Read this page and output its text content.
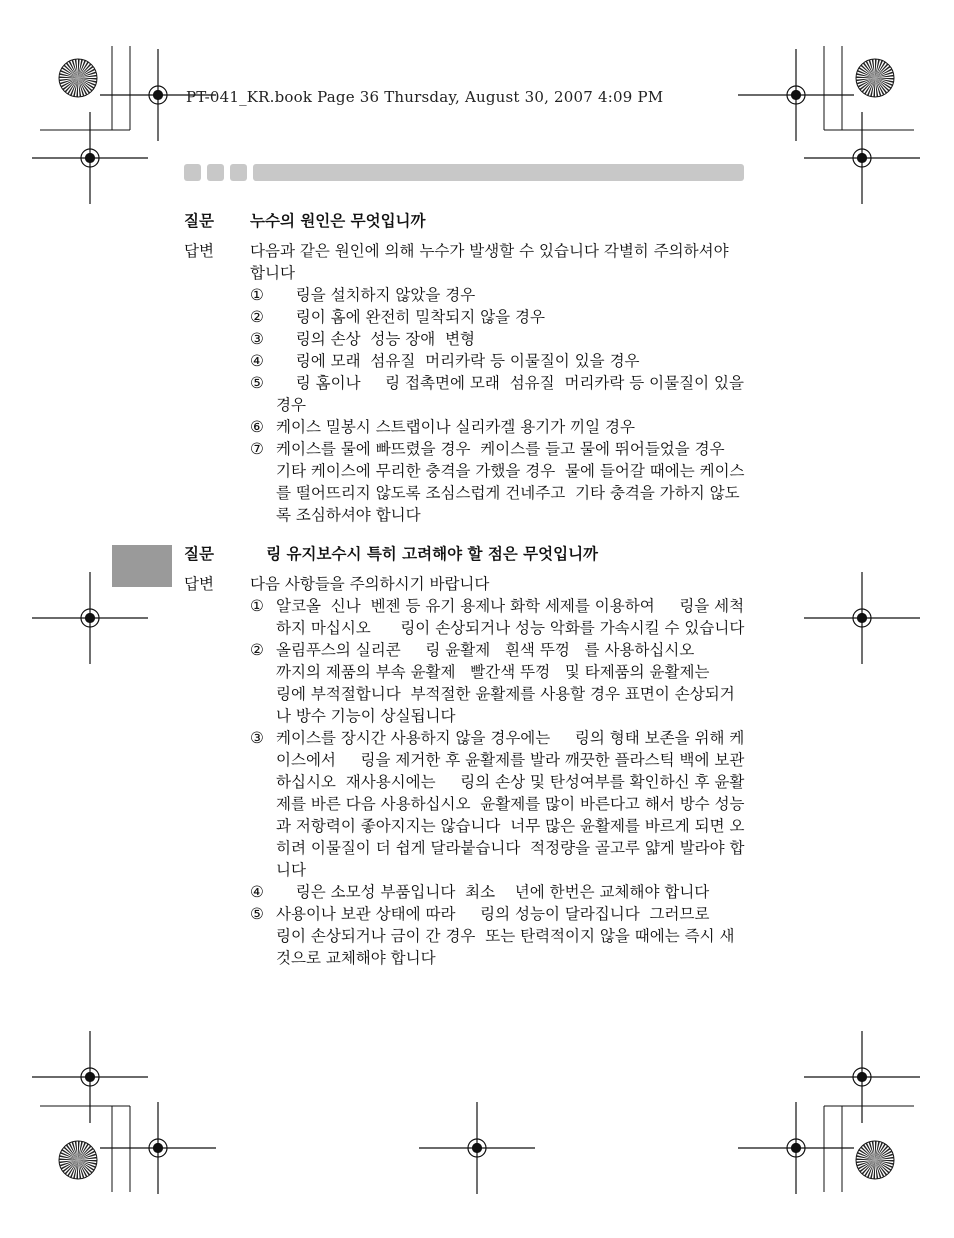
PT-041_KR.book Page 36 Thursday, August 30, 2007 4:09 PM
질문	누수의 원인은 무엇입니까
답변	다음과 같은 원인에 의해 누수가 발생할 수 있습니다 각별히 주의하셔야 합니다
① 링을 설치하지 않았을 경우
② 링이 홈에 완전히 밀착되지 않을 경우
③ 링의 손상  성능 장애  변형
④ 링에 모래  섬유질  머리카락 등 이물질이 있을 경우
⑤ 링 홈이나     링 접촉면에 모래  섬유질  머리카락 등 이물질이 있을 경우
⑥ 케이스 밀봉시 스트랩이나 실리카겔 용기가 끼일 경우
⑦ 케이스를 물에 빠뜨렸을 경우  케이스를 들고 물에 뛰어들었을 경우  기타 케이스에 무리한 충격을 가했을 경우  물에 들어갈 때에는 케이스를 떨어뜨리지 않도록 조심스럽게 건네주고  기타 충격을 가하지 않도록 조심하셔야 합니다
질문	링 유지보수시 특히 고려해야 할 점은 무엇입니까
답변	다음 사항들을 주의하시기 바랍니다
① 알코올  신나  벤젠 등 유기 용제나 화학 세제를 이용하여     링을 세척하지 마십시오      링이 손상되거나 성능 악화를 가속시킬 수 있습니다
② 올림푸스의 실리콘     링 윤활제   흰색 뚜껑   를 사용하십시오              까지의 제품의 부속 윤활제   빨간색 뚜껑   및 타제품의 윤활제는     링에 부적절합니다  부적절한 윤활제를 사용할 경우 표면이 손상되거나 방수 기능이 상실됩니다
③ 케이스를 장시간 사용하지 않을 경우에는     링의 형태 보존을 위해 케이스에서     링을 제거한 후 윤활제를 발라 깨끗한 플라스틱 백에 보관하십시오  재사용시에는     링의 손상 및 탄성여부를 확인하신 후 윤활제를 바른 다음 사용하십시오  윤활제를 많이 바른다고 해서 방수 성능과 저항력이 좋아지지는 않습니다  너무 많은 윤활제를 바르게 되면 오히려 이물질이 더 쉽게 달라붙습니다  적정량을 골고루 얇게 발라야 합니다
④ 링은 소모성 부품입니다  최소    년에 한번은 교체해야 합니다
⑤ 사용이나 보관 상태에 따라     링의 성능이 달라집니다  그러므로     링이 손상되거나 금이 간 경우  또는 탄력적이지 않을 때에는 즉시 새 것으로 교체해야 합니다
